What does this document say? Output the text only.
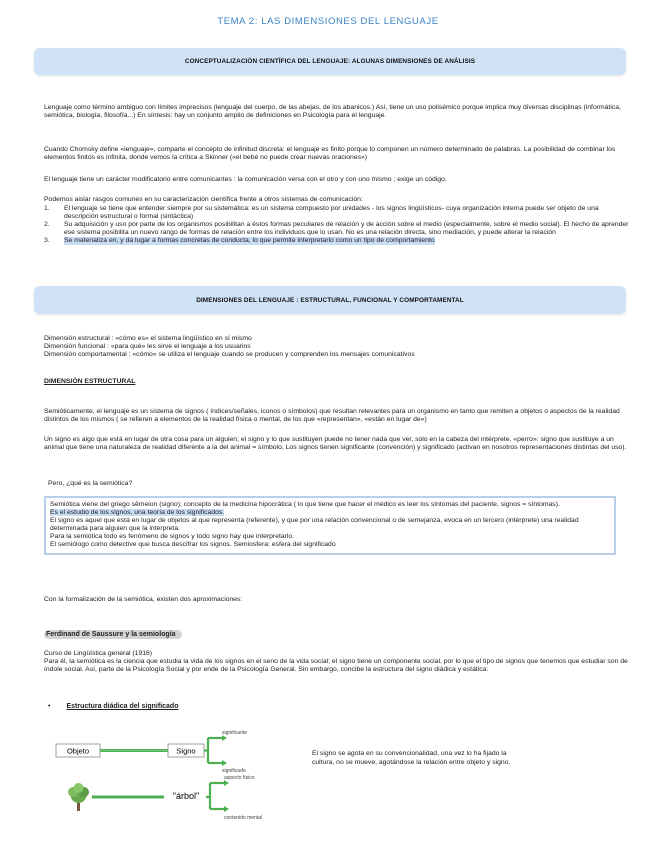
TEMA 2: LAS DIMENSIONES DEL LENGUAJE
CONCEPTUALIZACIÓN CIENTÍFICA DEL LENGUAJE: ALGUNAS DIMENSIONES DE ANÁLISIS

Lenguaje como término ambiguo con límites imprecisos (lenguaje del cuerpo, de las abejas, de los abanicos.) Así, tiene un uso polisémico porque implica muy diversas disciplinas (informática, semiótica, biología, filosofía...) En síntesis: hay un conjunto amplio de definiciones en Psicología para el lenguaje.

Cuando Chomsky define «lenguaje», comparte el concepto de infinitud discreta: el lenguaje es finito porque lo componen un número determinado de palabras. La posibilidad de combinar los elementos finitos es infinita, donde vemos la crítica a Skinner («el bebé no puede crear nuevas oraciones»)

El lenguaje tiene un carácter modificatorio entre comunicantes : la comunicación versa con el otro y con uno mismo ; exige un código.

Podemos aislar rasgos comunes en su caracterización científica frente a otros sistemas de comunicación:

1.	El lenguaje se tiene que entender siempre por su sistemática: es un sistema compuesto por unidades - los signos lingüísticos- cuya organización interna puede ser objeto de una descripción estructural o formal (sintáctica)
2.	Su adquisición y uso por parte de los organismos posibilitan a éstos formas peculiares de relación y de acción sobre el medio (especialmente, sobre el medio social). El hecho de aprender ese sistema posibilita un nuevo rango de formas de relación entre los individuos que lo usan. No es una relación directa, sino mediación, y puede alterar la relación
3.	Se materializa en, y da lugar a formas concretas de conducta, lo que permite interpretarlo como un tipo de comportamiento
DIMENSIONES DEL LENGUAJE : ESTRUCTURAL, FUNCIONAL Y COMPORTAMENTAL

Dimensión estructural : «cómo es» el sistema lingüístico en sí mismo

Dimensión funcional : «para qué» les sirve el lenguaje a los usuarios

Dimensión comportamental : «cómo» se utiliza el lenguaje cuando se producen y comprenden los mensajes comunicativos

DIMENSIÓN ESTRUCTURAL

Semióticamente, el lenguaje es un sistema de signos ( índices/señales, iconos o símbolos) que resultan relevantes para un organismo en tanto que remiten a objetos o aspectos de la realidad distintos de los mismos ( se refieren a elementos de la realidad física o mental, de los que «representan», «están en lugar de»)

Un signo es algo que está en lugar de otra cosa para un alguien; el signo y lo que sustituyen puede no tener nada que ver, solo en la cabeza del intérprete. «perro»: signo que sustituye a un animal que tiene una naturaleza de realidad diferente a la del animal = símbolo. Los signos tienen significante (convención) y significado (activan en nosotros representaciones distintas del uso).

Pero, ¿qué es la semiótica?

Semiótica viene del griego sêmeion (signo); concepto de la medicina hipocrática ( lo que tiene que hacer el médico es leer los síntomas del paciente, signos = síntomas).

Es el estudio de los signos, una teoría de los significados.

El signo es aquel que está en lugar de objetos al que representa (referente), y que por una relación convencional o de semejanza, evoca en un tercero (intérprete) una realidad determinada para alguien que la interpreta.

Para la semiótica todo es fenómeno de signos y todo signo hay que interpretarlo.

El semiólogo como detective que busca descifrar los signos. Semiosfera: esfera del significado

Con la formalización de la semiótica, existen dos aproximaciones:

Ferdinand de Saussure y la semiología

Curso de Lingüística general (1916)

Para él, la semiótica es la ciencia que estudia la vida de los signos en el seno de la vida social; el signo tiene un componente social, por lo que el tipo de signos que tenemos que estudiar son de índole social. Así, parte de la Psicología Social y por ende de la Psicología General. Sin embargo, concibe la estructura del signo diádica y estática:

• Estructura diádica del significado
Objeto	Signo
significante
significado
"árbol"
aspecto físico
contenido mental
El signo se agota en su convencionalidad, una vez lo ha fijado la cultura, no se mueve, agotándose la relación entre objeto y signo.
